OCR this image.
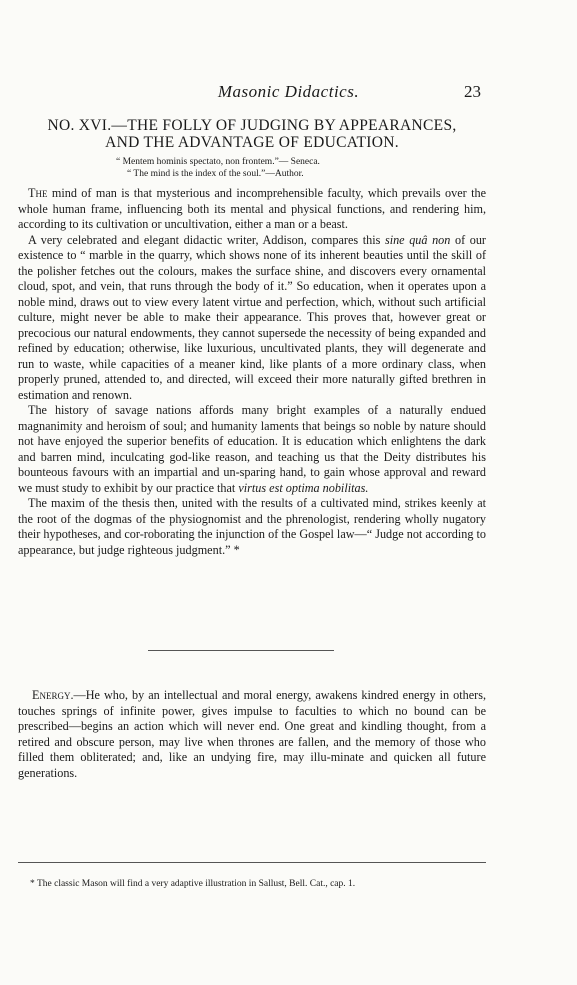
Masonic Didactics.	23
NO. XVI.—THE FOLLY OF JUDGING BY APPEARANCES,
AND THE ADVANTAGE OF EDUCATION.
“ Mentem hominis spectato, non frontem.”— Seneca.
“ The mind is the index of the soul.”—Author.

The mind of man is that mysterious and incomprehensible faculty, which prevails over the whole human frame, influencing both its mental and physical functions, and rendering him, according to its cultivation or uncultivation, either a man or a beast.

A very celebrated and elegant didactic writer, Addison, compares this sine quâ non of our existence to “ marble in the quarry, which shows none of its inherent beauties until the skill of the polisher fetches out the colours, makes the surface shine, and discovers every ornamental cloud, spot, and vein, that runs through the body of it.” So education, when it operates upon a noble mind, draws out to view every latent virtue and perfection, which, without such artificial culture, might never be able to make their appearance. This proves that, however great or precocious our natural endowments, they cannot supersede the necessity of being expanded and refined by education; otherwise, like luxurious, uncultivated plants, they will degenerate and run to waste, while capacities of a meaner kind, like plants of a more ordinary class, when properly pruned, attended to, and directed, will exceed their more naturally gifted brethren in estimation and renown.

The history of savage nations affords many bright examples of a naturally endued magnanimity and heroism of soul; and humanity laments that beings so noble by nature should not have enjoyed the superior benefits of education. It is education which enlightens the dark and barren mind, inculcating god-like reason, and teaching us that the Deity distributes his bounteous favours with an impartial and un-sparing hand, to gain whose approval and reward we must study to exhibit by our practice that virtus est optima nobilitas.

The maxim of the thesis then, united with the results of a cultivated mind, strikes keenly at the root of the dogmas of the physiognomist and the phrenologist, rendering wholly nugatory their hypotheses, and cor-roborating the injunction of the Gospel law—“ Judge not according to appearance, but judge righteous judgment.” *

Energy.—He who, by an intellectual and moral energy, awakens kindred energy in others, touches springs of infinite power, gives impulse to faculties to which no bound can be prescribed—begins an action which will never end. One great and kindling thought, from a retired and obscure person, may live when thrones are fallen, and the memory of those who filled them obliterated; and, like an undying fire, may illu-minate and quicken all future generations.

* The classic Mason will find a very adaptive illustration in Sallust, Bell. Cat., cap. 1.
